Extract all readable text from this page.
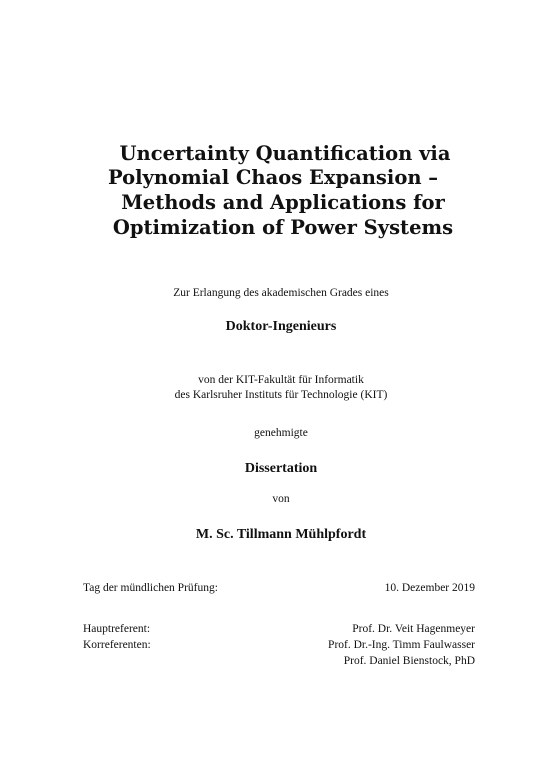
Uncertainty Quantification via
Polynomial Chaos Expansion –
Methods and Applications for
Optimization of Power Systems
Zur Erlangung des akademischen Grades eines
Doktor-Ingenieurs
von der KIT-Fakultät für Informatik
des Karlsruher Instituts für Technologie (KIT)
genehmigte
Dissertation
von
M. Sc. Tillmann Mühlpfordt
Tag der mündlichen Prüfung:	10. Dezember 2019
Hauptreferent:	Prof. Dr. Veit Hagenmeyer
Korreferenten:	Prof. Dr.-Ing. Timm Faulwasser
Prof. Daniel Bienstock, PhD
